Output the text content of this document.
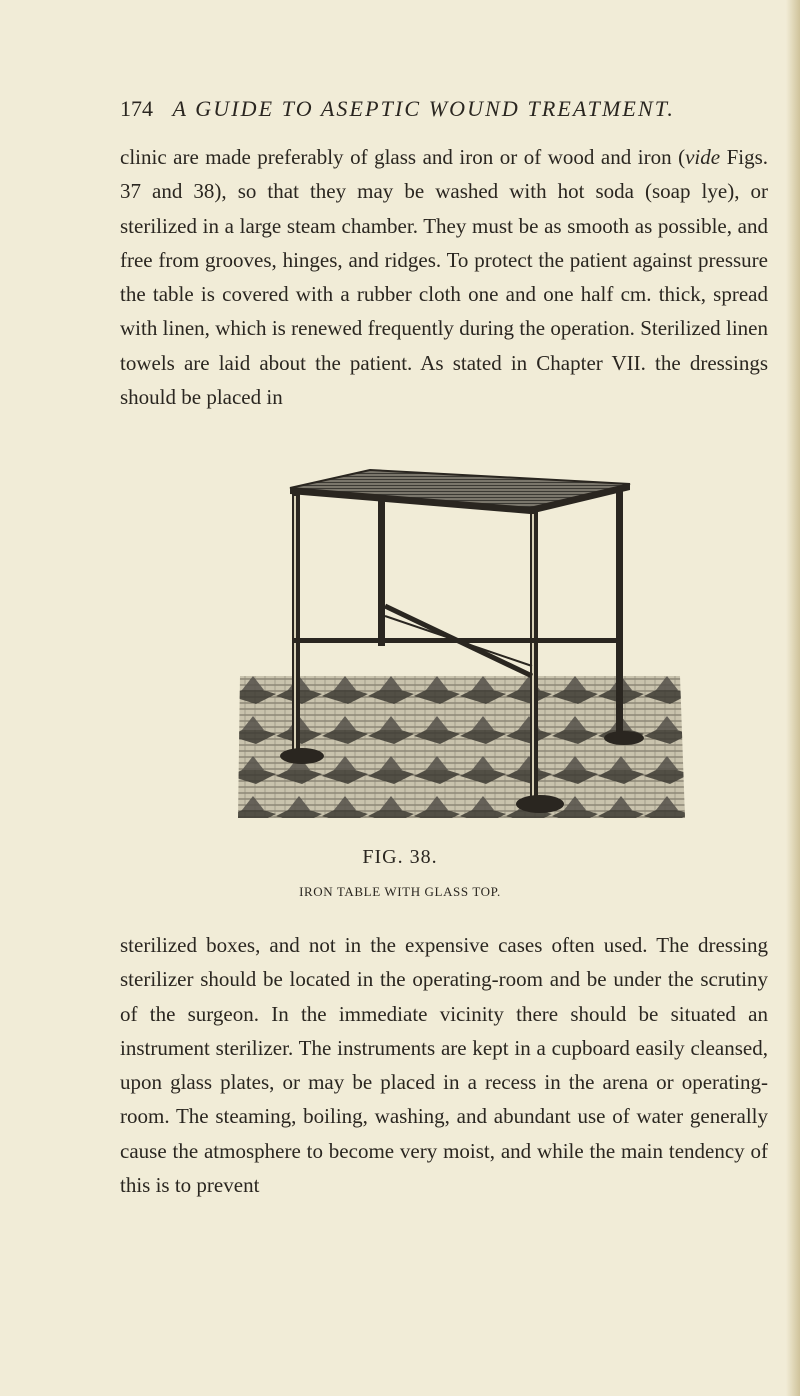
174 A GUIDE TO ASEPTIC WOUND TREATMENT.

clinic are made preferably of glass and iron or of wood and iron (vide Figs. 37 and 38), so that they may be washed with hot soda (soap lye), or sterilized in a large steam chamber. They must be as smooth as possible, and free from grooves, hinges, and ridges. To protect the patient against pressure the table is covered with a rubber cloth one and one half cm. thick, spread with linen, which is renewed frequently during the operation. Sterilized linen towels are laid about the patient. As stated in Chapter VII. the dressings should be placed in

FIG. 38.
IRON TABLE WITH GLASS TOP.

sterilized boxes, and not in the expensive cases often used. The dressing sterilizer should be located in the operating-room and be under the scrutiny of the surgeon. In the immediate vicinity there should be situated an instrument sterilizer. The instruments are kept in a cupboard easily cleansed, upon glass plates, or may be placed in a recess in the arena or operating-room. The steaming, boiling, washing, and abundant use of water generally cause the atmosphere to become very moist, and while the main tendency of this is to prevent
